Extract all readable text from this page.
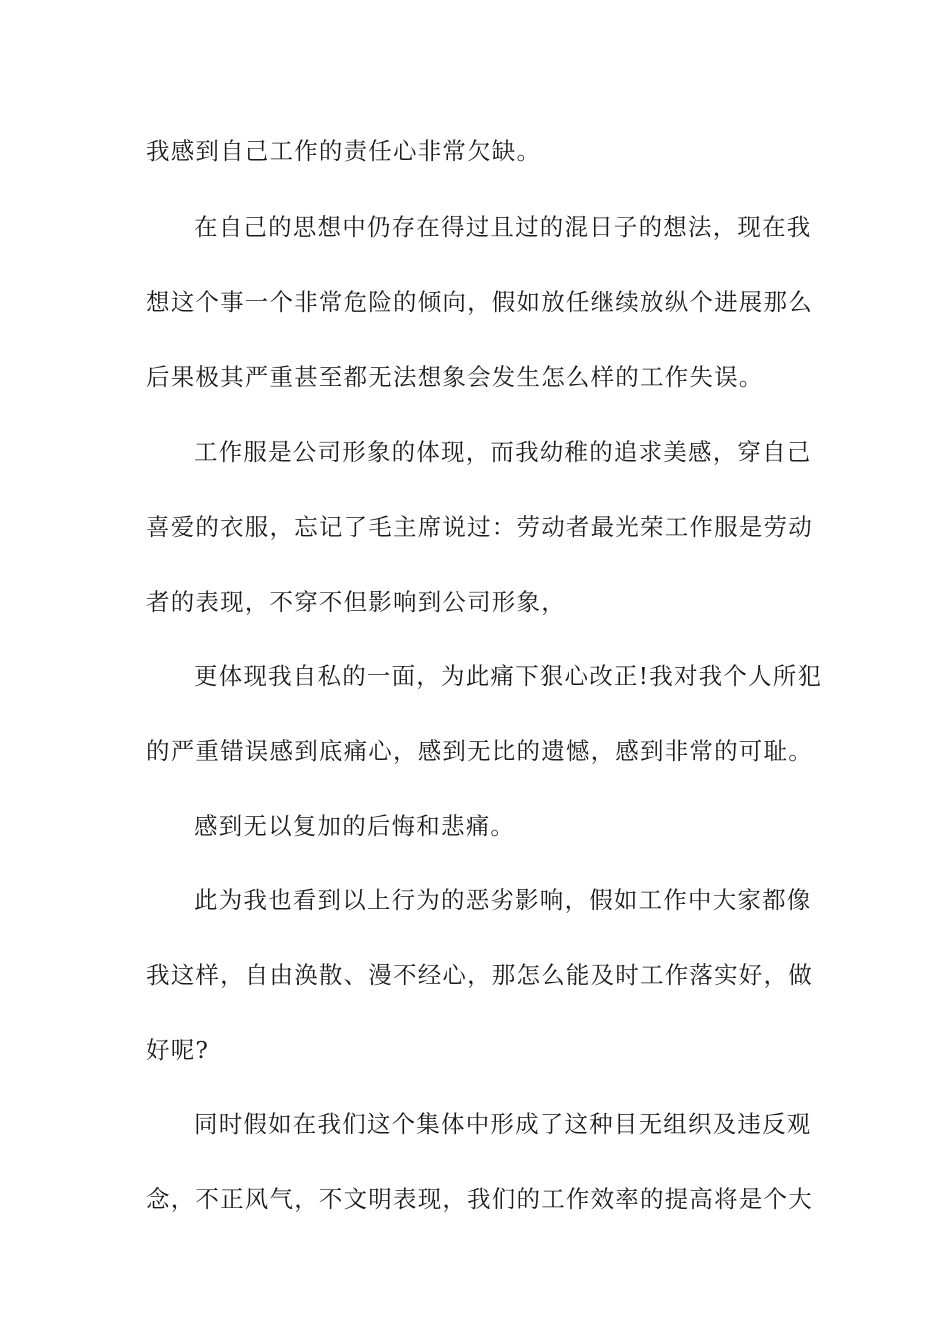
我感到自己工作的责任心非常欠缺。
在自己的思想中仍存在得过且过的混日子的想法，现在我
想这个事一个非常危险的倾向，假如放任继续放纵个进展那么
后果极其严重甚至都无法想象会发生怎么样的工作失误。
工作服是公司形象的体现，而我幼稚的追求美感，穿自己
喜爱的衣服，忘记了毛主席说过：劳动者最光荣工作服是劳动
者的表现，不穿不但影响到公司形象，
更体现我自私的一面，为此痛下狠心改正!我对我个人所犯
的严重错误感到底痛心，感到无比的遗憾，感到非常的可耻。
感到无以复加的后悔和悲痛。
此为我也看到以上行为的恶劣影响，假如工作中大家都像
我这样，自由涣散、漫不经心，那怎么能及时工作落实好，做
好呢?
同时假如在我们这个集体中形成了这种目无组织及违反观
念，不正风气，不文明表现，我们的工作效率的提高将是个大
